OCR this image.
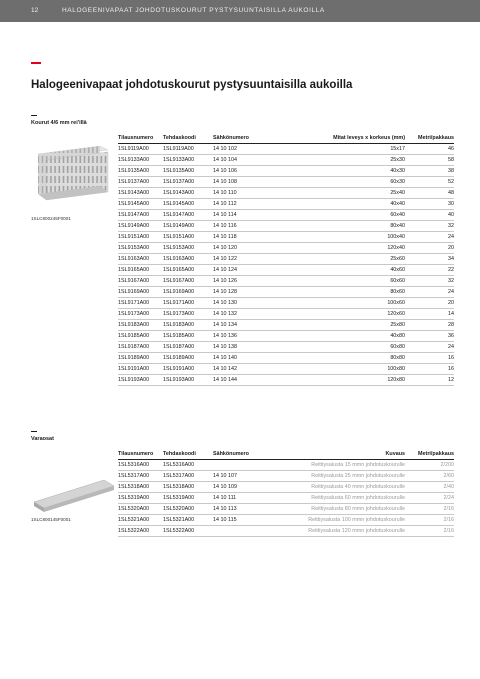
12	HALOGEENIVAPAAT JOHDOTUSKOURUT PYSTYSUUNTAISILLA AUKOILLA
Halogeenivapaat johdotuskourut pystysuuntaisilla aukoilla
Kourut 4/6 mm rei'illä
1SLC800245F0001
Tilausnumero	Tehdaskoodi	Sähkönumero	Mitat leveys x korkeus (mm)	Metri/pakkaus
1SL9119A00	1SL9119A00	14 10 102	15x17	46
1SL9133A00	1SL9133A00	14 10 104	25x30	58
1SL9135A00	1SL9135A00	14 10 106	40x30	38
1SL9137A00	1SL9137A00	14 10 108	60x30	52
1SL9143A00	1SL9143A00	14 10 110	25x40	48
1SL9145A00	1SL9145A00	14 10 112	40x40	30
1SL9147A00	1SL9147A00	14 10 114	60x40	40
1SL9149A00	1SL9149A00	14 10 116	80x40	32
1SL9151A00	1SL9151A00	14 10 118	100x40	24
1SL9153A00	1SL9153A00	14 10 120	120x40	20
1SL9163A00	1SL9163A00	14 10 122	25x60	34
1SL9165A00	1SL9165A00	14 10 124	40x60	22
1SL9167A00	1SL9167A00	14 10 126	60x60	32
1SL9169A00	1SL9169A00	14 10 128	80x60	24
1SL9171A00	1SL9171A00	14 10 130	100x60	20
1SL9173A00	1SL9173A00	14 10 132	120x60	14
1SL9183A00	1SL9183A00	14 10 134	25x80	28
1SL9185A00	1SL9185A00	14 10 136	40x80	36
1SL9187A00	1SL9187A00	14 10 138	60x80	24
1SL9189A00	1SL9189A00	14 10 140	80x80	16
1SL9191A00	1SL9191A00	14 10 142	100x80	16
1SL9193A00	1SL9193A00	14 10 144	120x80	12
Varaosat
1SLC800145F0001
Tilausnumero	Tehdaskoodi	Sähkönumero	Kuvaus	Metri/pakkaus
1SL5316A00	1SL5316A00		Reittiysalusta 15 mmn johdotuskourulle	2/200
1SL5317A00	1SL5317A00	14 10 107	Reittiysalusta 25 mmn johdotuskourulle	2/60
1SL5318A00	1SL5318A00	14 10 109	Reittiysalusta 40 mmn johdotuskourulle	2/40
1SL5319A00	1SL5319A00	14 10 111	Reittiysalusta 60 mmn johdotuskourulle	2/24
1SL5320A00	1SL5320A00	14 10 113	Reittiysalusta 80 mmn johdotuskourulle	2/16
1SL5321A00	1SL5321A00	14 10 115	Reittiysalusta 100 mmn johdotuskourulle	2/16
1SL5322A00	1SL5322A00		Reittiysalusta 120 mmn johdotuskourulle	2/16
